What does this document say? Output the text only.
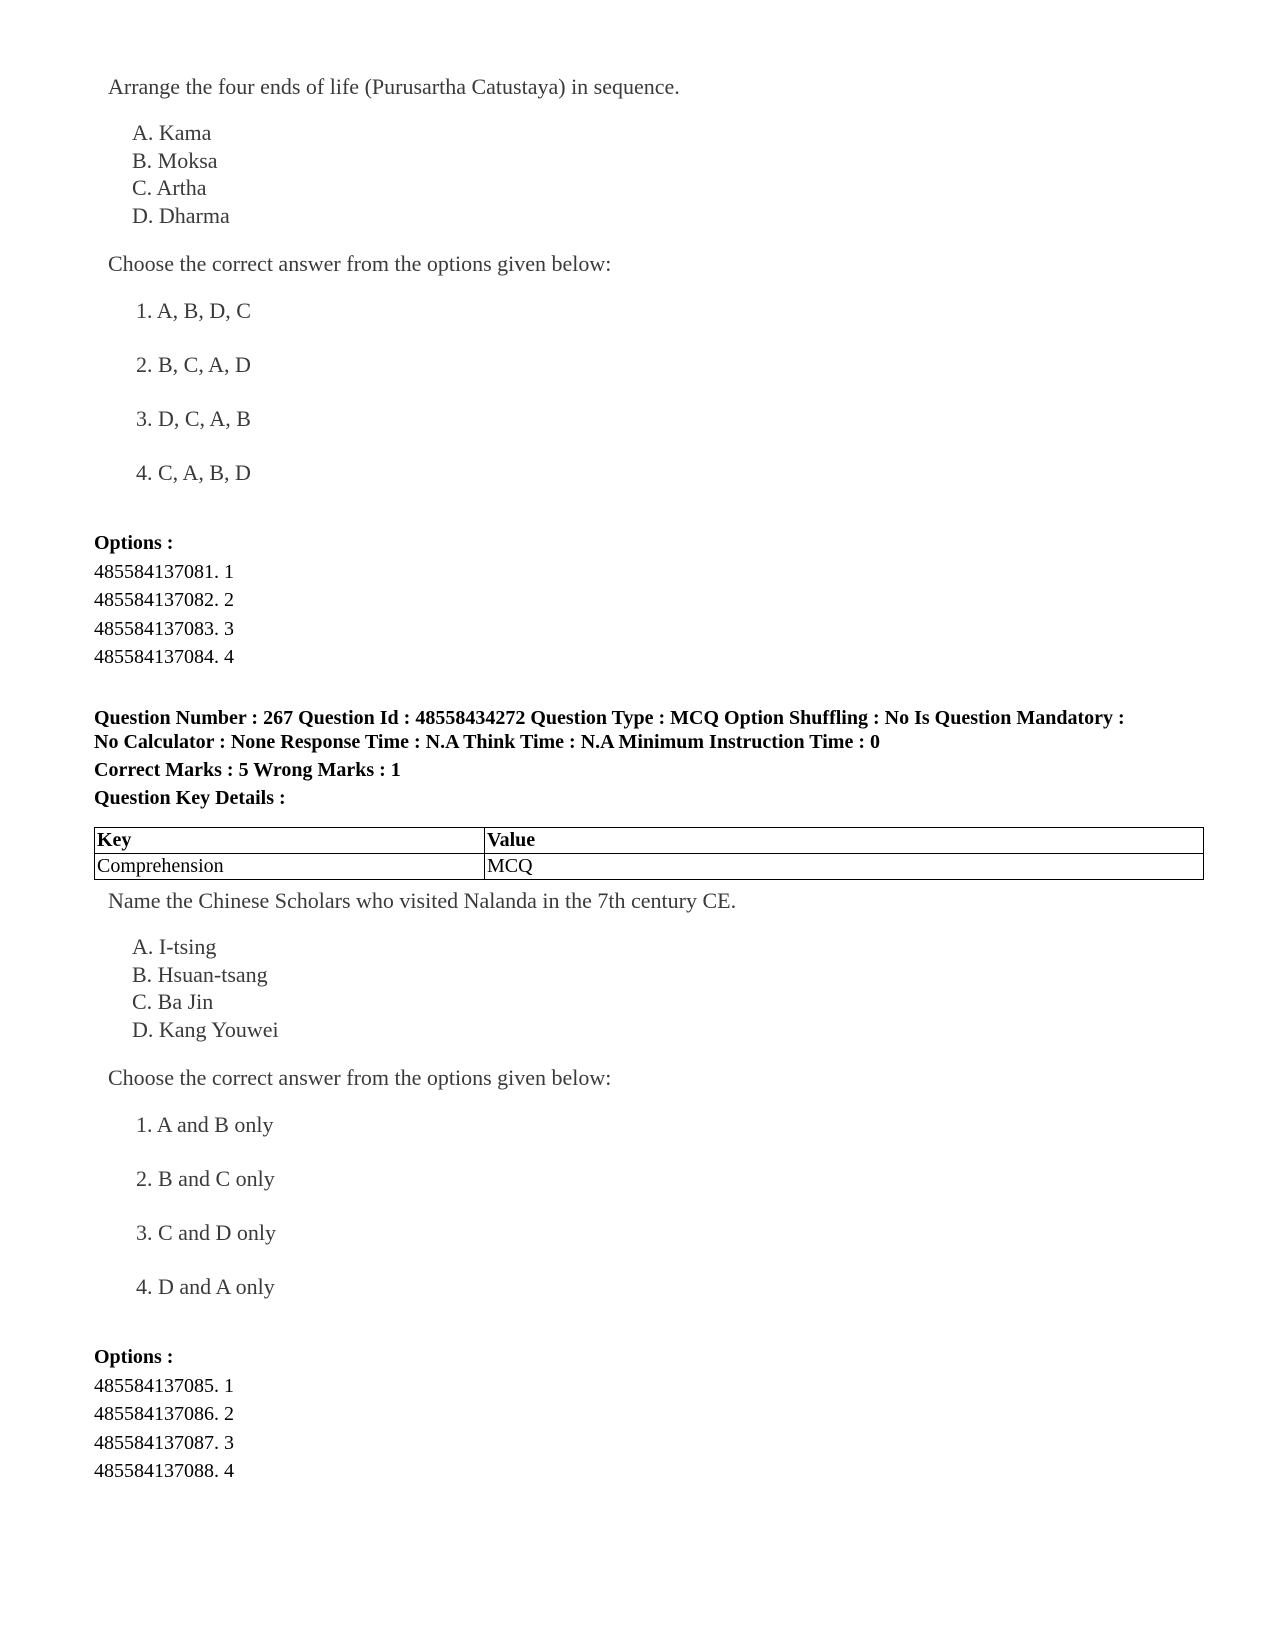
Arrange the four ends of life (Purusartha Catustaya) in sequence.

A. Kama
B. Moksa
C. Artha
D. Dharma

Choose the correct answer from the options given below:

1. A, B, D, C
2. B, C, A, D
3. D, C, A, B
4. C, A, B, D
Options :
485584137081. 1
485584137082. 2
485584137083. 3
485584137084. 4
Question Number : 267 Question Id : 48558434272 Question Type : MCQ Option Shuffling : No Is Question Mandatory :
No Calculator : None Response Time : N.A Think Time : N.A Minimum Instruction Time : 0
Correct Marks : 5 Wrong Marks : 1
Question Key Details :
Key	Value
Comprehension	MCQ

Name the Chinese Scholars who visited Nalanda in the 7th century CE.

A. I-tsing
B. Hsuan-tsang
C. Ba Jin
D. Kang Youwei

Choose the correct answer from the options given below:

1. A and B only
2. B and C only
3. C and D only
4. D and A only
Options :
485584137085. 1
485584137086. 2
485584137087. 3
485584137088. 4
